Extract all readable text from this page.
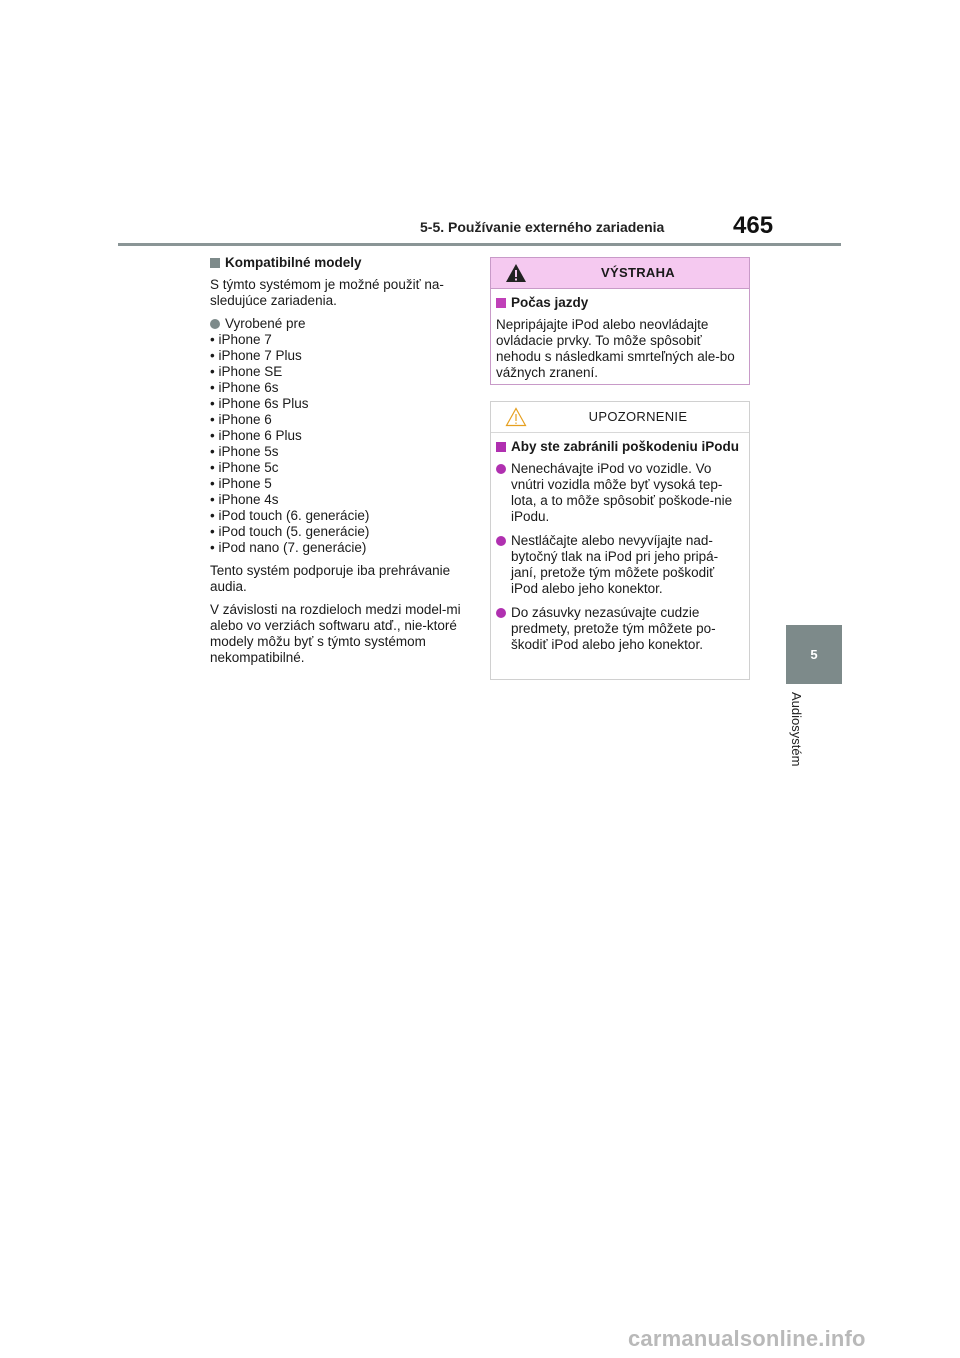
5-5. Používanie externého zariadenia	465
5
Audiosystém
Kompatibilné modely

S týmto systémom je možné použiť na-sledujúce zariadenia.

Vyrobené pre
• iPhone 7
• iPhone 7 Plus
• iPhone SE
• iPhone 6s
• iPhone 6s Plus
• iPhone 6
• iPhone 6 Plus
• iPhone 5s
• iPhone 5c
• iPhone 5
• iPhone 4s
• iPod touch (6. generácie)
• iPod touch (5. generácie)
• iPod nano (7. generácie)

Tento systém podporuje iba prehrávanie audia.

V závislosti na rozdieloch medzi model-mi alebo vo verziách softwaru atď., nie-ktoré modely môžu byť s týmto systémom nekompatibilné.

VÝSTRAHA
Počas jazdy

Nepripájajte iPod alebo neovládajte ovládacie prvky. To môže spôsobiť nehodu s následkami smrteľných ale-bo vážnych zranení.

UPOZORNENIE
Aby ste zabránili poškodeniu iPodu
Nenechávajte iPod vo vozidle. Vo vnútri vozidla môže byť vysoká tep-lota, a to môže spôsobiť poškode-nie iPodu.
Nestláčajte alebo nevyvíjajte nad-bytočný tlak na iPod pri jeho pripá-janí, pretože tým môžete poškodiť iPod alebo jeho konektor.
Do zásuvky nezasúvajte cudzie predmety, pretože tým môžete po-škodiť iPod alebo jeho konektor.
carmanualsonline.info
